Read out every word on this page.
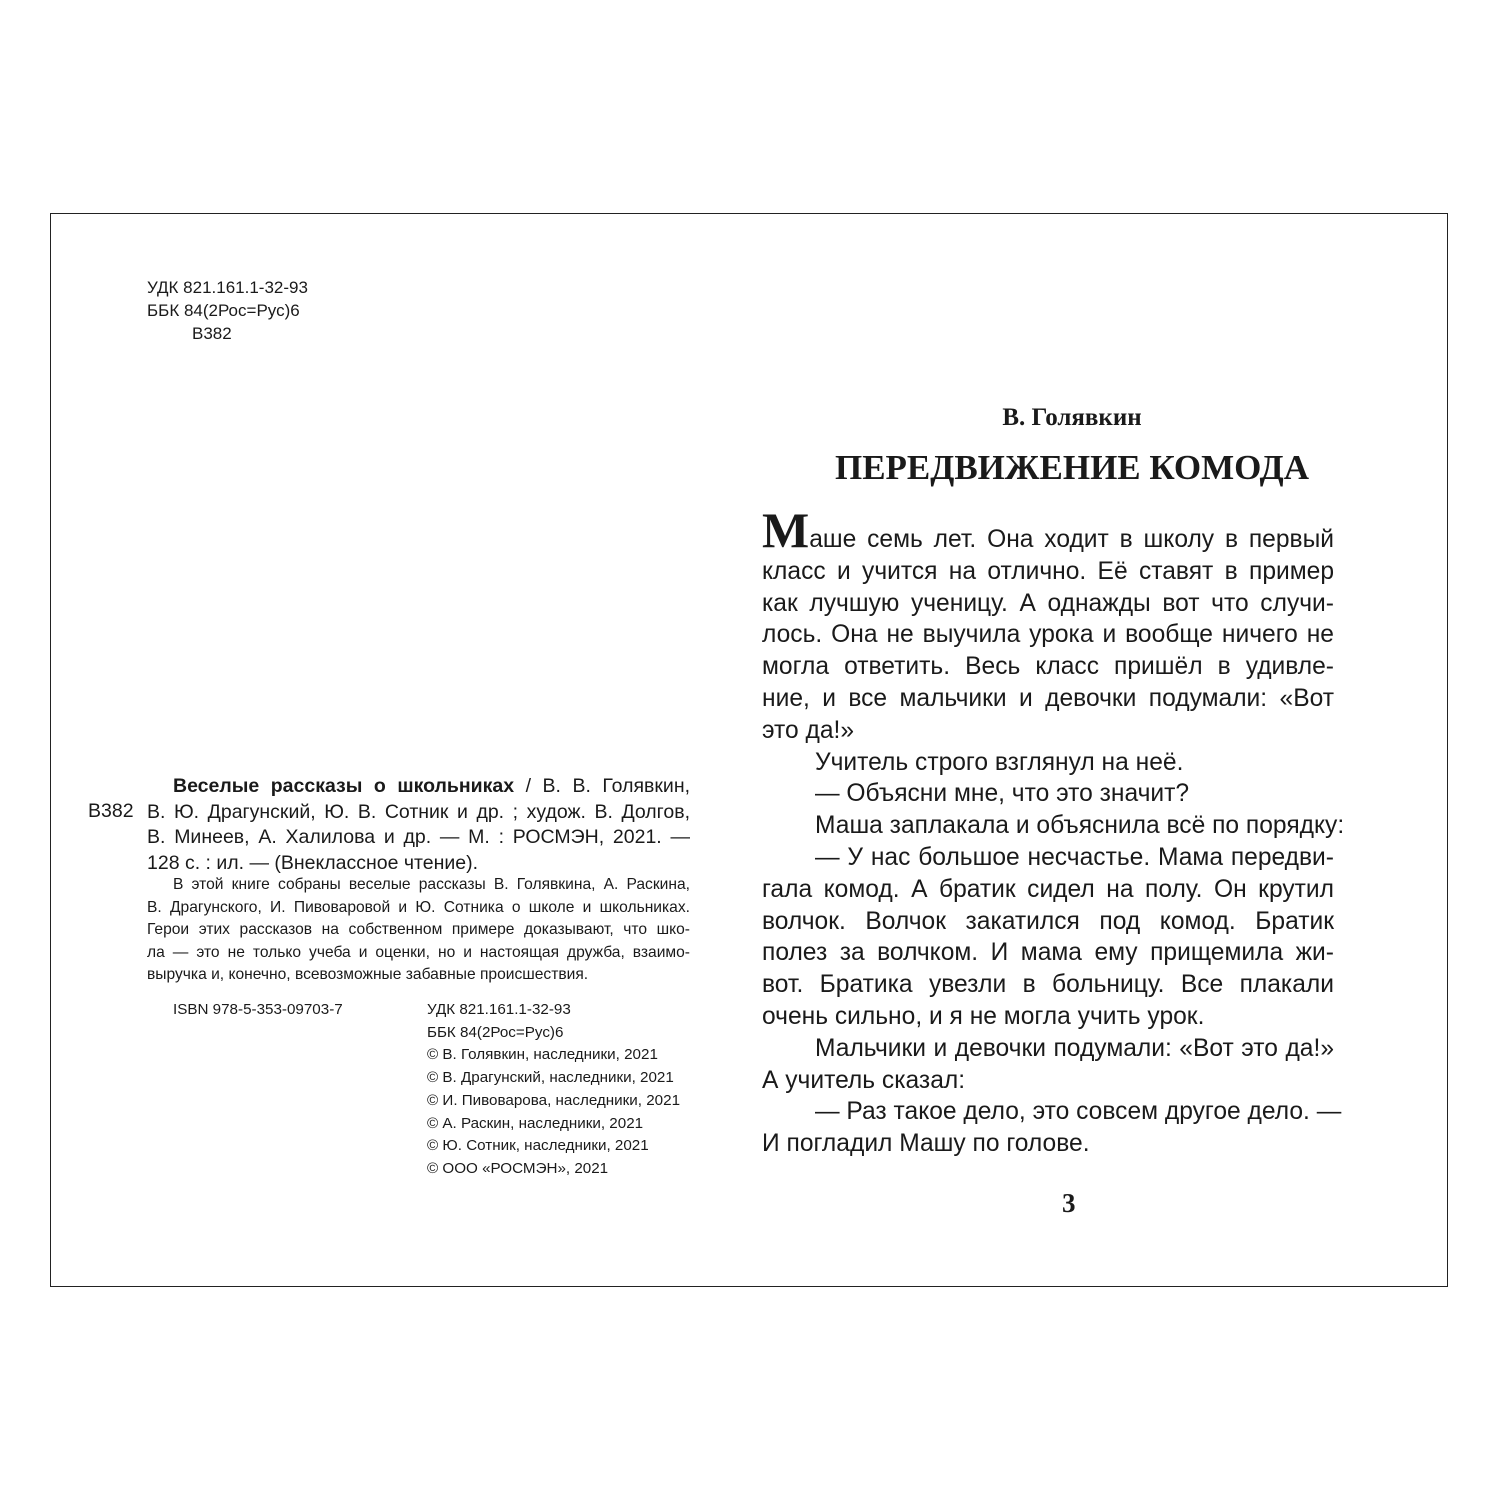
УДК 821.161.1-32-93
ББК 84(2Рос=Рус)6
В382
В382
Веселые рассказы о школьниках / В. В. Голявкин,
В. Ю. Драгунский, Ю. В. Сотник и др. ; худож. В. Долгов,
В. Минеев, А. Халилова и др. — М. : РОСМЭН, 2021. —
128 с. : ил. — (Внеклассное чтение).
В этой книге собраны веселые рассказы В. Голявкина, А. Раскина,
В. Драгунского, И. Пивоваровой и Ю. Сотника о школе и школьниках.
Герои этих рассказов на собственном примере доказывают, что шко-
ла — это не только учеба и оценки, но и настоящая дружба, взаимо-
выручка и, конечно, всевозможные забавные происшествия.
ISBN 978-5-353-09703-7	УДК 821.161.1-32-93
ББК 84(2Рос=Рус)6
© В. Голявкин, наследники, 2021
© В. Драгунский, наследники, 2021
© И. Пивоварова, наследники, 2021
© А. Раскин, наследники, 2021
© Ю. Сотник, наследники, 2021
© ООО «РОСМЭН», 2021
В. Голявкин
ПЕРЕДВИЖЕНИЕ КОМОДА
Маше семь лет. Она ходит в школу в первый
класс и учится на отлично. Её ставят в пример
как лучшую ученицу. А однажды вот что случи-
лось. Она не выучила урока и вообще ничего не
могла ответить. Весь класс пришёл в удивле-
ние, и все мальчики и девочки подумали: «Вот
это да!»
Учитель строго взглянул на неё.
— Объясни мне, что это значит?
Маша заплакала и объяснила всё по порядку:
— У нас большое несчастье. Мама передви-
гала комод. А братик сидел на полу. Он крутил
волчок. Волчок закатился под комод. Братик
полез за волчком. И мама ему прищемила жи-
вот. Братика увезли в больницу. Все плакали
очень сильно, и я не могла учить урок.
Мальчики и девочки подумали: «Вот это да!»
А учитель сказал:
— Раз такое дело, это совсем другое дело. —
И погладил Машу по голове.
3
